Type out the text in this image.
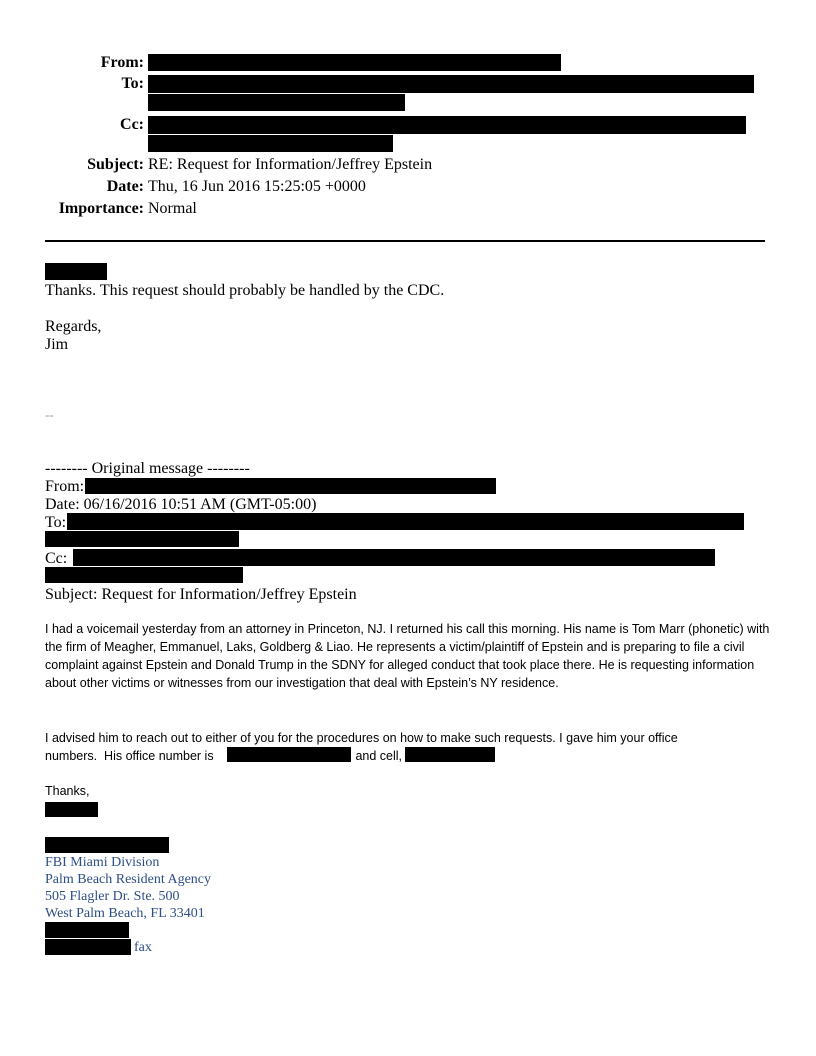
From:
To:
Cc:
Subject: RE: Request for Information/Jeffrey Epstein
Date: Thu, 16 Jun 2016 15:25:05 +0000
Importance: Normal
Thanks. This request should probably be handled by the CDC.
Regards,
Jim
--
-------- Original message --------
From:
Date: 06/16/2016 10:51 AM (GMT-05:00)
To:
Cc:
Subject: Request for Information/Jeffrey Epstein
I had a voicemail yesterday from an attorney in Princeton, NJ. I returned his call this morning. His name is Tom Marr (phonetic) with the firm of Meagher, Emmanuel, Laks, Goldberg & Liao. He represents a victim/plaintiff of Epstein and is preparing to file a civil complaint against Epstein and Donald Trump in the SDNY for alleged conduct that took place there. He is requesting information about other victims or witnesses from our investigation that deal with Epstein’s NY residence.
I advised him to reach out to either of you for the procedures on how to make such requests. I gave him your office
numbers.  His office number is	and cell,
Thanks,
FBI Miami Division
Palm Beach Resident Agency
505 Flagler Dr. Ste. 500
West Palm Beach, FL 33401
fax
